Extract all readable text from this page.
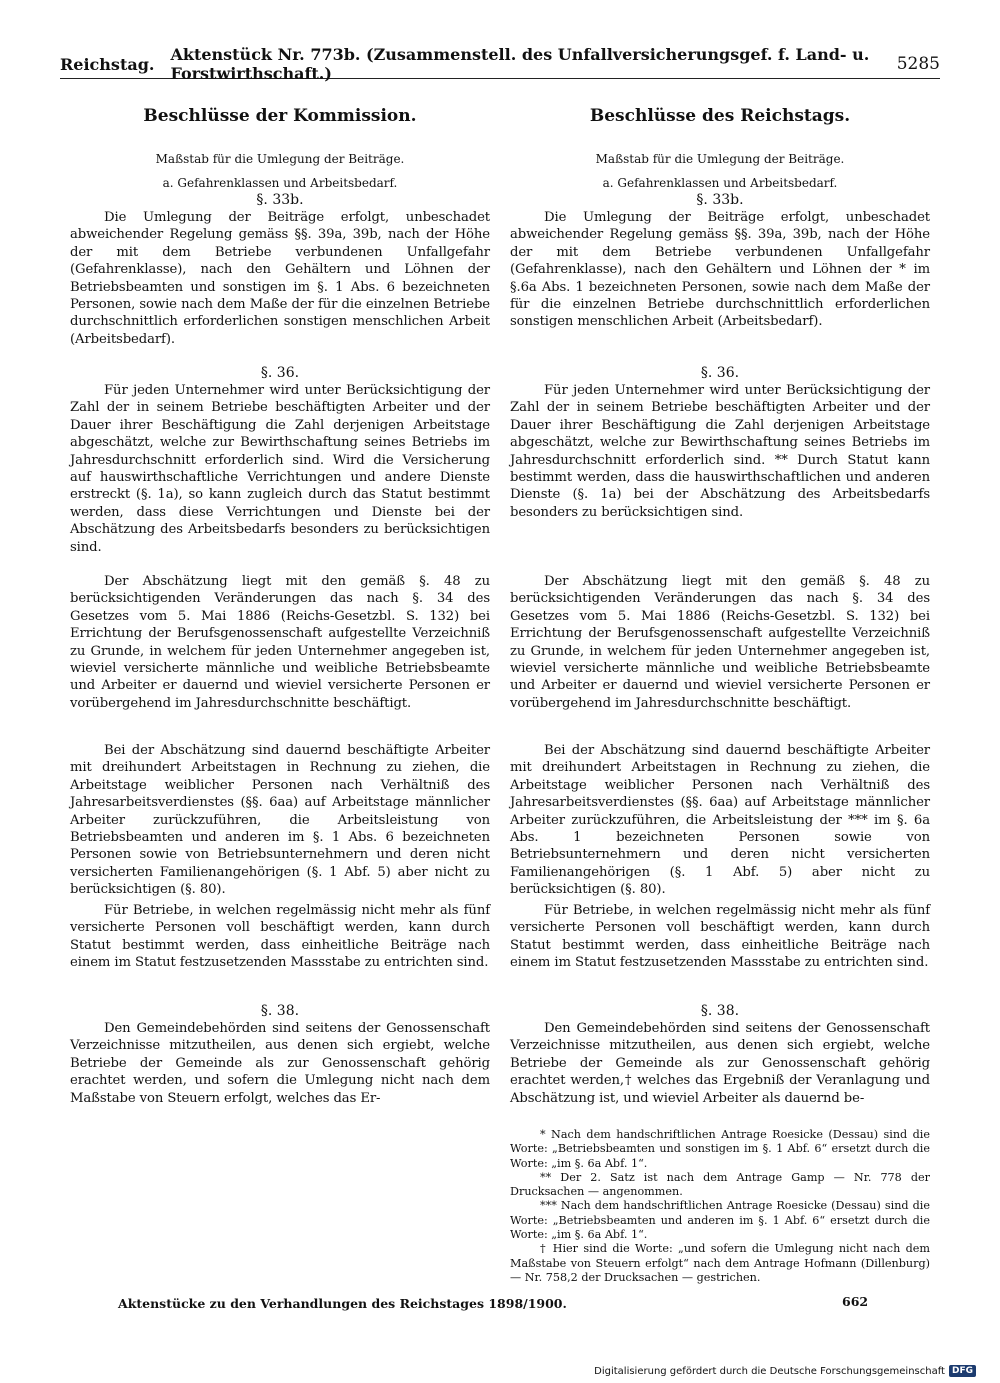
Reichstag.	Aktenstück Nr. 773b. (Zusammenstell. des Unfallversicherungsgef. f. Land- u. Forstwirthschaft.)	5285
Beschlüsse der Kommission.
Maßstab für die Umlegung der Beiträge.
a. Gefahrenklassen und Arbeitsbedarf.
§. 33b.

Die Umlegung der Beiträge erfolgt, unbeschadet abweichender Regelung gemäss §§. 39a, 39b, nach der Höhe der mit dem Betriebe verbundenen Unfallgefahr (Gefahrenklasse), nach den Gehältern und Löhnen der Betriebsbeamten und sonstigen im §. 1 Abs. 6 bezeichneten Personen, sowie nach dem Maße der für die einzelnen Betriebe durchschnittlich erforderlichen sonstigen menschlichen Arbeit (Arbeitsbedarf).

§. 36.

Für jeden Unternehmer wird unter Berücksichtigung der Zahl der in seinem Betriebe beschäftigten Arbeiter und der Dauer ihrer Beschäftigung die Zahl derjenigen Arbeitstage abgeschätzt, welche zur Bewirthschaftung seines Betriebs im Jahresdurchschnitt erforderlich sind. Wird die Versicherung auf hauswirthschaftliche Verrichtungen und andere Dienste erstreckt (§. 1a), so kann zugleich durch das Statut bestimmt werden, dass diese Verrichtungen und Dienste bei der Abschätzung des Arbeitsbedarfs besonders zu berücksichtigen sind.

Der Abschätzung liegt mit den gemäß §. 48 zu berücksichtigenden Veränderungen das nach §. 34 des Gesetzes vom 5. Mai 1886 (Reichs-Gesetzbl. S. 132) bei Errichtung der Berufsgenossenschaft aufgestellte Verzeichniß zu Grunde, in welchem für jeden Unternehmer angegeben ist, wieviel versicherte männliche und weibliche Betriebsbeamte und Arbeiter er dauernd und wieviel versicherte Personen er vorübergehend im Jahresdurchschnitte beschäftigt.

Bei der Abschätzung sind dauernd beschäftigte Arbeiter mit dreihundert Arbeitstagen in Rechnung zu ziehen, die Arbeitstage weiblicher Personen nach Verhältniß des Jahresarbeitsverdienstes (§§. 6aa) auf Arbeitstage männlicher Arbeiter zurückzuführen, die Arbeitsleistung von Betriebsbeamten und anderen im §. 1 Abs. 6 bezeichneten Personen sowie von Betriebsunternehmern und deren nicht versicherten Familienangehörigen (§. 1 Abf. 5) aber nicht zu berücksichtigen (§. 80).

Für Betriebe, in welchen regelmässig nicht mehr als fünf versicherte Personen voll beschäftigt werden, kann durch Statut bestimmt werden, dass einheitliche Beiträge nach einem im Statut festzusetzenden Massstabe zu entrichten sind.

§. 38.

Den Gemeindebehörden sind seitens der Genossenschaft Verzeichnisse mitzutheilen, aus denen sich ergiebt, welche Betriebe der Gemeinde als zur Genossenschaft gehörig erachtet werden, und sofern die Umlegung nicht nach dem Maßstabe von Steuern erfolgt, welches das Er-

Beschlüsse des Reichstags.
Maßstab für die Umlegung der Beiträge.
a. Gefahrenklassen und Arbeitsbedarf.
§. 33b.

Die Umlegung der Beiträge erfolgt, unbeschadet abweichender Regelung gemäss §§. 39a, 39b, nach der Höhe der mit dem Betriebe verbundenen Unfallgefahr (Gefahrenklasse), nach den Gehältern und Löhnen der * im §.6a Abs. 1 bezeichneten Personen, sowie nach dem Maße der für die einzelnen Betriebe durchschnittlich erforderlichen sonstigen menschlichen Arbeit (Arbeitsbedarf).

§. 36.

Für jeden Unternehmer wird unter Berücksichtigung der Zahl der in seinem Betriebe beschäftigten Arbeiter und der Dauer ihrer Beschäftigung die Zahl derjenigen Arbeitstage abgeschätzt, welche zur Bewirthschaftung seines Betriebs im Jahresdurchschnitt erforderlich sind. ** Durch Statut kann bestimmt werden, dass die hauswirthschaftlichen und anderen Dienste (§. 1a) bei der Abschätzung des Arbeitsbedarfs besonders zu berücksichtigen sind.

Der Abschätzung liegt mit den gemäß §. 48 zu berücksichtigenden Veränderungen das nach §. 34 des Gesetzes vom 5. Mai 1886 (Reichs-Gesetzbl. S. 132) bei Errichtung der Berufsgenossenschaft aufgestellte Verzeichniß zu Grunde, in welchem für jeden Unternehmer angegeben ist, wieviel versicherte männliche und weibliche Betriebsbeamte und Arbeiter er dauernd und wieviel versicherte Personen er vorübergehend im Jahresdurchschnitte beschäftigt.

Bei der Abschätzung sind dauernd beschäftigte Arbeiter mit dreihundert Arbeitstagen in Rechnung zu ziehen, die Arbeitstage weiblicher Personen nach Verhältniß des Jahresarbeitsverdienstes (§§. 6aa) auf Arbeitstage männlicher Arbeiter zurückzuführen, die Arbeitsleistung der *** im §. 6a Abs. 1 bezeichneten Personen sowie von Betriebsunternehmern und deren nicht versicherten Familienangehörigen (§. 1 Abf. 5) aber nicht zu berücksichtigen (§. 80).

Für Betriebe, in welchen regelmässig nicht mehr als fünf versicherte Personen voll beschäftigt werden, kann durch Statut bestimmt werden, dass einheitliche Beiträge nach einem im Statut festzusetzenden Massstabe zu entrichten sind.

§. 38.

Den Gemeindebehörden sind seitens der Genossenschaft Verzeichnisse mitzutheilen, aus denen sich ergiebt, welche Betriebe der Gemeinde als zur Genossenschaft gehörig erachtet werden,† welches das Ergebniß der Veranlagung und Abschätzung ist, und wieviel Arbeiter als dauernd be-

* Nach dem handschriftlichen Antrage Roesicke (Dessau) sind die Worte: „Betriebsbeamten und sonstigen im §. 1 Abf. 6“ ersetzt durch die Worte: „im §. 6a Abf. 1“.

** Der 2. Satz ist nach dem Antrage Gamp — Nr. 778 der Drucksachen — angenommen.

*** Nach dem handschriftlichen Antrage Roesicke (Dessau) sind die Worte: „Betriebsbeamten und anderen im §. 1 Abf. 6“ ersetzt durch die Worte: „im §. 6a Abf. 1“.

† Hier sind die Worte: „und sofern die Umlegung nicht nach dem Maßstabe von Steuern erfolgt“ nach dem Antrage Hofmann (Dillenburg) — Nr. 758,2 der Drucksachen — gestrichen.

Aktenstücke zu den Verhandlungen des Reichstages 1898/1900.	662
Digitalisierung gefördert durch die Deutsche Forschungsgemeinschaft DFG
